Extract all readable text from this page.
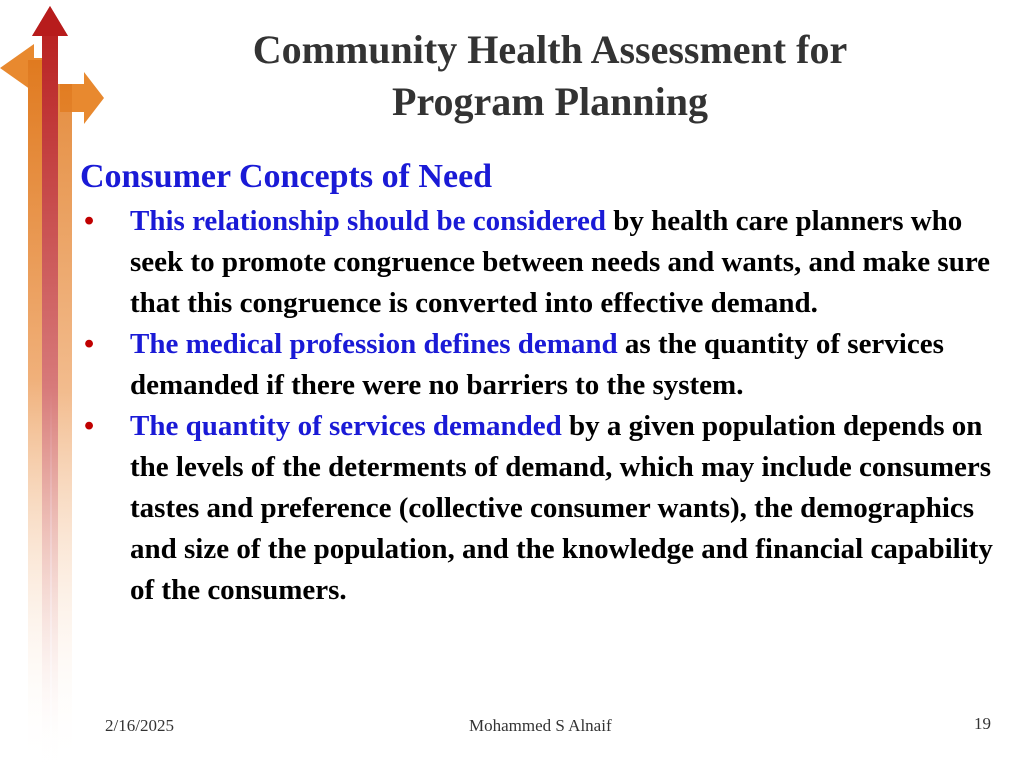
Community Health Assessment for
Program Planning
Consumer Concepts of Need
• This relationship should be considered by health care planners who seek to promote congruence between needs and wants, and make sure that this congruence is converted into effective demand.
• The medical profession defines demand as the quantity of services demanded if there were no barriers to the system.
• The quantity of services demanded by a given population depends on the levels of the determents of demand, which may include consumers tastes and preference (collective consumer wants), the demographics and size of the population, and the knowledge and financial capability of the consumers.
2/16/2025	Mohammed S Alnaif	19
